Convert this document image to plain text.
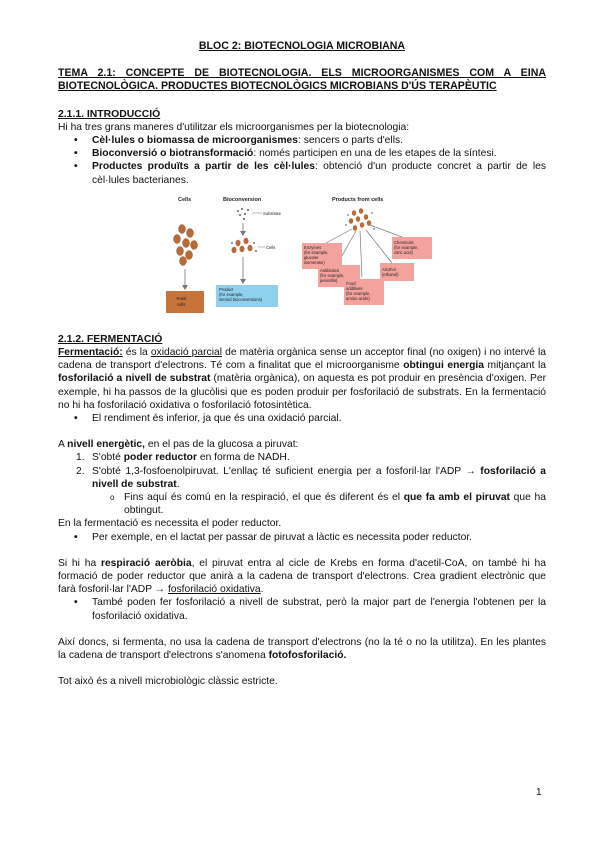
BLOC 2: BIOTECNOLOGIA MICROBIANA
TEMA 2.1: CONCEPTE DE BIOTECNOLOGIA. ELS MICROORGANISMES COM A EINA BIOTECNOLÒGICA. PRODUCTES BIOTECNOLÒGICS MICROBIANS D'ÚS TERAPÈUTIC
2.1.1. INTRODUCCIÓ

Hi ha tres grans maneres d'utilitzar els microorganismes per la biotecnologia:

• Cèl·lules o biomassa de microorganismes: sencers o parts d'ells.
• Bioconversió o biotransformació: només participen en una de les etapes de la síntesi.
• Productes produïts a partir de les cèl·lules: obtenció d'un producte concret a partir de les cèl·lules bacterianes.
Cells
Yeast
cells
Bioconversion
Substrate
Cells
Product
(for example,
steroid bioconversions)
Products from cells
Enzymes
(for example,
glucose
isomerase)
Antibiotics
(for example,
penicillin)
Food
additives
(for example,
amino acids)
Alcohol
(ethanol)
Chemicals
(for example,
citric acid)
2.1.2. FERMENTACIÓ

Fermentació: és la oxidació parcial de matèria orgànica sense un acceptor final (no oxigen) i no intervé la cadena de transport d'electrons. Té com a finalitat que el microorganisme obtingui energia mitjançant la fosforilació a nivell de substrat (matèria orgànica), on aquesta es pot produir en presència d'oxigen. Per exemple, hi ha passos de la glucòlisi que es poden produir per fosforilació de substrats. En la fermentació no hi ha fosforilació oxidativa o fosforilació fotosintètica.

• El rendiment és inferior, ja que és una oxidació parcial.

A nivell energètic, en el pas de la glucosa a piruvat:

1. S'obté poder reductor en forma de NADH.
2. S'obté 1,3-fosfoenolpiruvat. L'enllaç té suficient energia per a fosforil·lar l'ADP → fosforilació a nivell de substrat.
o Fins aquí és comú en la respiració, el que és diferent és el que fa amb el piruvat que ha obtingut.

En la fermentació es necessita el poder reductor.

• Per exemple, en el lactat per passar de piruvat a làctic es necessita poder reductor.

Si hi ha respiració aeròbia, el piruvat entra al cicle de Krebs en forma d'acetil-CoA, on també hi ha formació de poder reductor que anirà a la cadena de transport d'electrons. Crea gradient electrònic que farà fosforil·lar l'ADP → fosforilació oxidativa.

• També poden fer fosforilació a nivell de substrat, però la major part de l'energia l'obtenen per la fosforilació oxidativa.

Així doncs, si fermenta, no usa la cadena de transport d'electrons (no la té o no la utilitza). En les plantes la cadena de transport d'electrons s'anomena fotofosforilació.

Tot això és a nivell microbiològic clàssic estricte.

1
